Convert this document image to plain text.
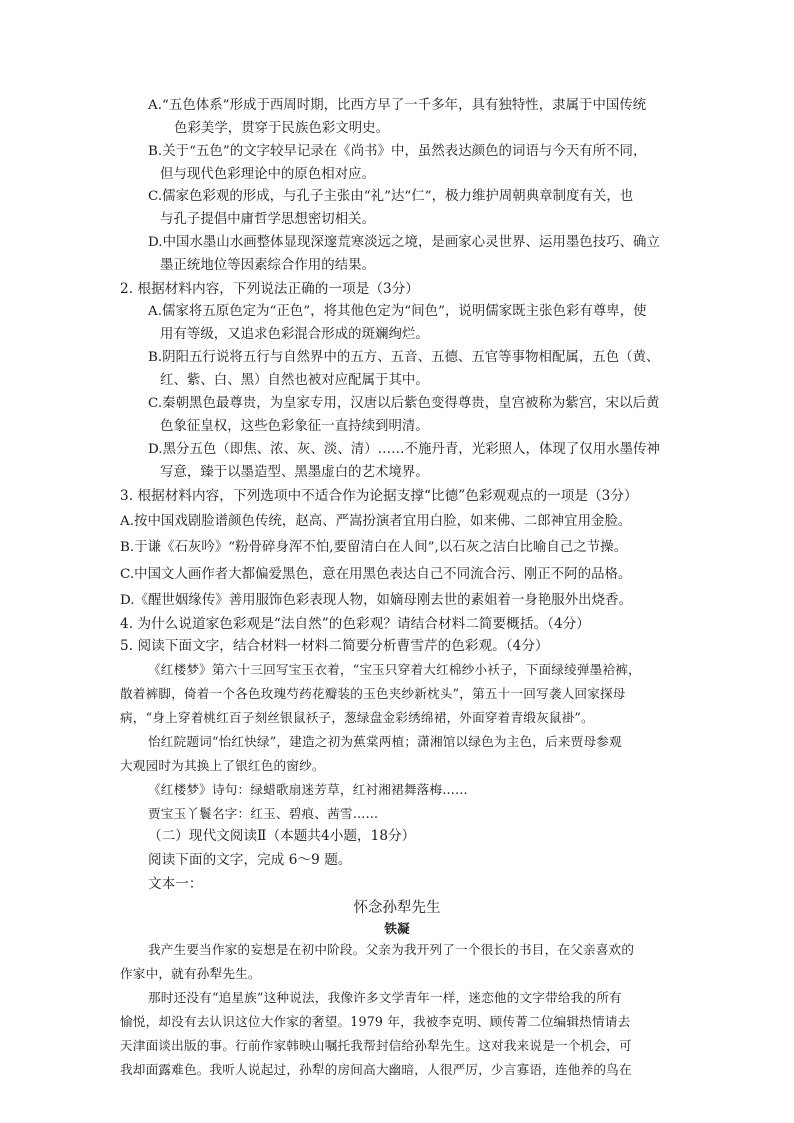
A.“五色体系”形成于西周时期，比西方早了一千多年，具有独特性，隶属于中国传统
色彩美学，贯穿于民族色彩文明史。
B.关于“五色”的文字较早记录在《尚书》中，虽然表达颜色的词语与今天有所不同，
但与现代色彩理论中的原色相对应。
C.儒家色彩观的形成，与孔子主张由“礼”达“仁”，极力维护周朝典章制度有关，也
与孔子提倡中庸哲学思想密切相关。
D.中国水墨山水画整体显现深邃荒寒淡远之境，是画家心灵世界、运用墨色技巧、确立
墨正统地位等因素综合作用的结果。
2. 根据材料内容，下列说法正确的一项是（3分）
A.儒家将五原色定为“正色”，将其他色定为“间色”，说明儒家既主张色彩有尊卑，使
用有等级，又追求色彩混合形成的斑斓绚烂。
B.阴阳五行说将五行与自然界中的五方、五音、五德、五官等事物相配属，五色（黄、
红、紫、白、黑）自然也被对应配属于其中。
C.秦朝黑色最尊贵，为皇家专用，汉唐以后紫色变得尊贵，皇宫被称为紫宫，宋以后黄
色象征皇权，这些色彩象征一直持续到明清。
D.黑分五色（即焦、浓、灰、淡、清）……不施丹青，光彩照人，体现了仅用水墨传神
写意，臻于以墨造型、黑墨虚白的艺术境界。
3. 根据材料内容，下列选项中不适合作为论据支撑“比德”色彩观观点的一项是（3分）
A.按中国戏剧脸谱颜色传统，赵高、严嵩扮演者宜用白脸，如来佛、二郎神宜用金脸。
B.于谦《石灰吟》“粉骨碎身浑不怕,要留清白在人间”,以石灰之洁白比喻自己之节操。
C.中国文人画作者大都偏爱黑色，意在用黑色表达自己不同流合污、刚正不阿的品格。
D.《醒世姻缘传》善用服饰色彩表现人物，如嫡母刚去世的素姐着一身艳服外出烧香。
4. 为什么说道家色彩观是“法自然”的色彩观？请结合材料二简要概括。（4分）
5. 阅读下面文字，结合材料一材料二简要分析曹雪芹的色彩观。（4分）
《红楼梦》第六十三回写宝玉衣着，“宝玉只穿着大红棉纱小袄子，下面绿绫弹墨袷裤，
散着裤脚，倚着一个各色玫瑰芍药花瓣装的玉色夹纱新枕头”，第五十一回写袭人回家探母
病，“身上穿着桃红百子刻丝银鼠袄子，葱绿盘金彩绣绵裙，外面穿着青缎灰鼠褂”。
怡红院题词“怡红快绿”，建造之初为蕉棠两植；潇湘馆以绿色为主色，后来贾母参观
大观园时为其换上了银红色的窗纱。
《红楼梦》诗句：绿蜡歌扇迷芳草，红衬湘裙舞落梅……
贾宝玉丫鬟名字：红玉、碧痕、茜雪……
（二）现代文阅读Ⅱ（本题共4小题，18分）
阅读下面的文字，完成 6～9 题。
文本一：
怀念孙犁先生
铁凝
我产生要当作家的妄想是在初中阶段。父亲为我开列了一个很长的书目，在父亲喜欢的
作家中，就有孙犁先生。
那时还没有“追星族”这种说法，我像许多文学青年一样，迷恋他的文字带给我的所有
愉悦，却没有去认识这位大作家的奢望。1979 年，我被李克明、顾传菁二位编辑热情请去
天津面谈出版的事。行前作家韩映山嘱托我帮封信给孙犁先生。这对我来说是一个机会，可
我却面露难色。我听人说起过，孙犁的房间高大幽暗，人很严厉，少言寡语，连他养的鸟在
